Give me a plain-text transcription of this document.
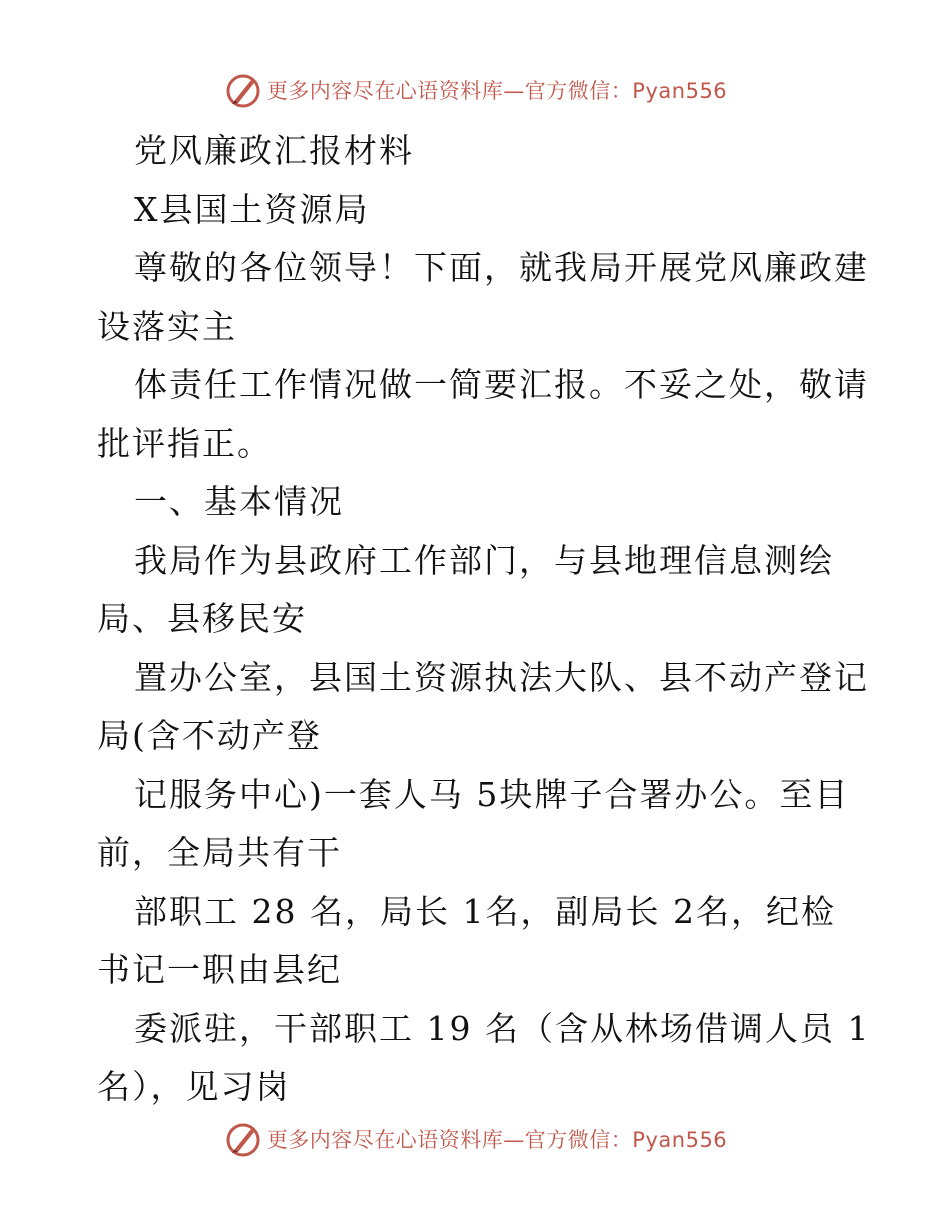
更多内容尽在心语资料库—官方微信：Pyan556
党风廉政汇报材料
X县国土资源局
尊敬的各位领导！下面，就我局开展党风廉政建
设落实主
体责任工作情况做一简要汇报。不妥之处，敬请
批评指正。
一、基本情况
我局作为县政府工作部门，与县地理信息测绘
局、县移民安
置办公室，县国土资源执法大队、县不动产登记
局(含不动产登
记服务中心)一套人马 5块牌子合署办公。至目
前，全局共有干
部职工 28 名，局长 1名，副局长 2名，纪检
书记一职由县纪
委派驻，干部职工 19 名（含从林场借调人员 1
名），见习岗
更多内容尽在心语资料库—官方微信：Pyan556
